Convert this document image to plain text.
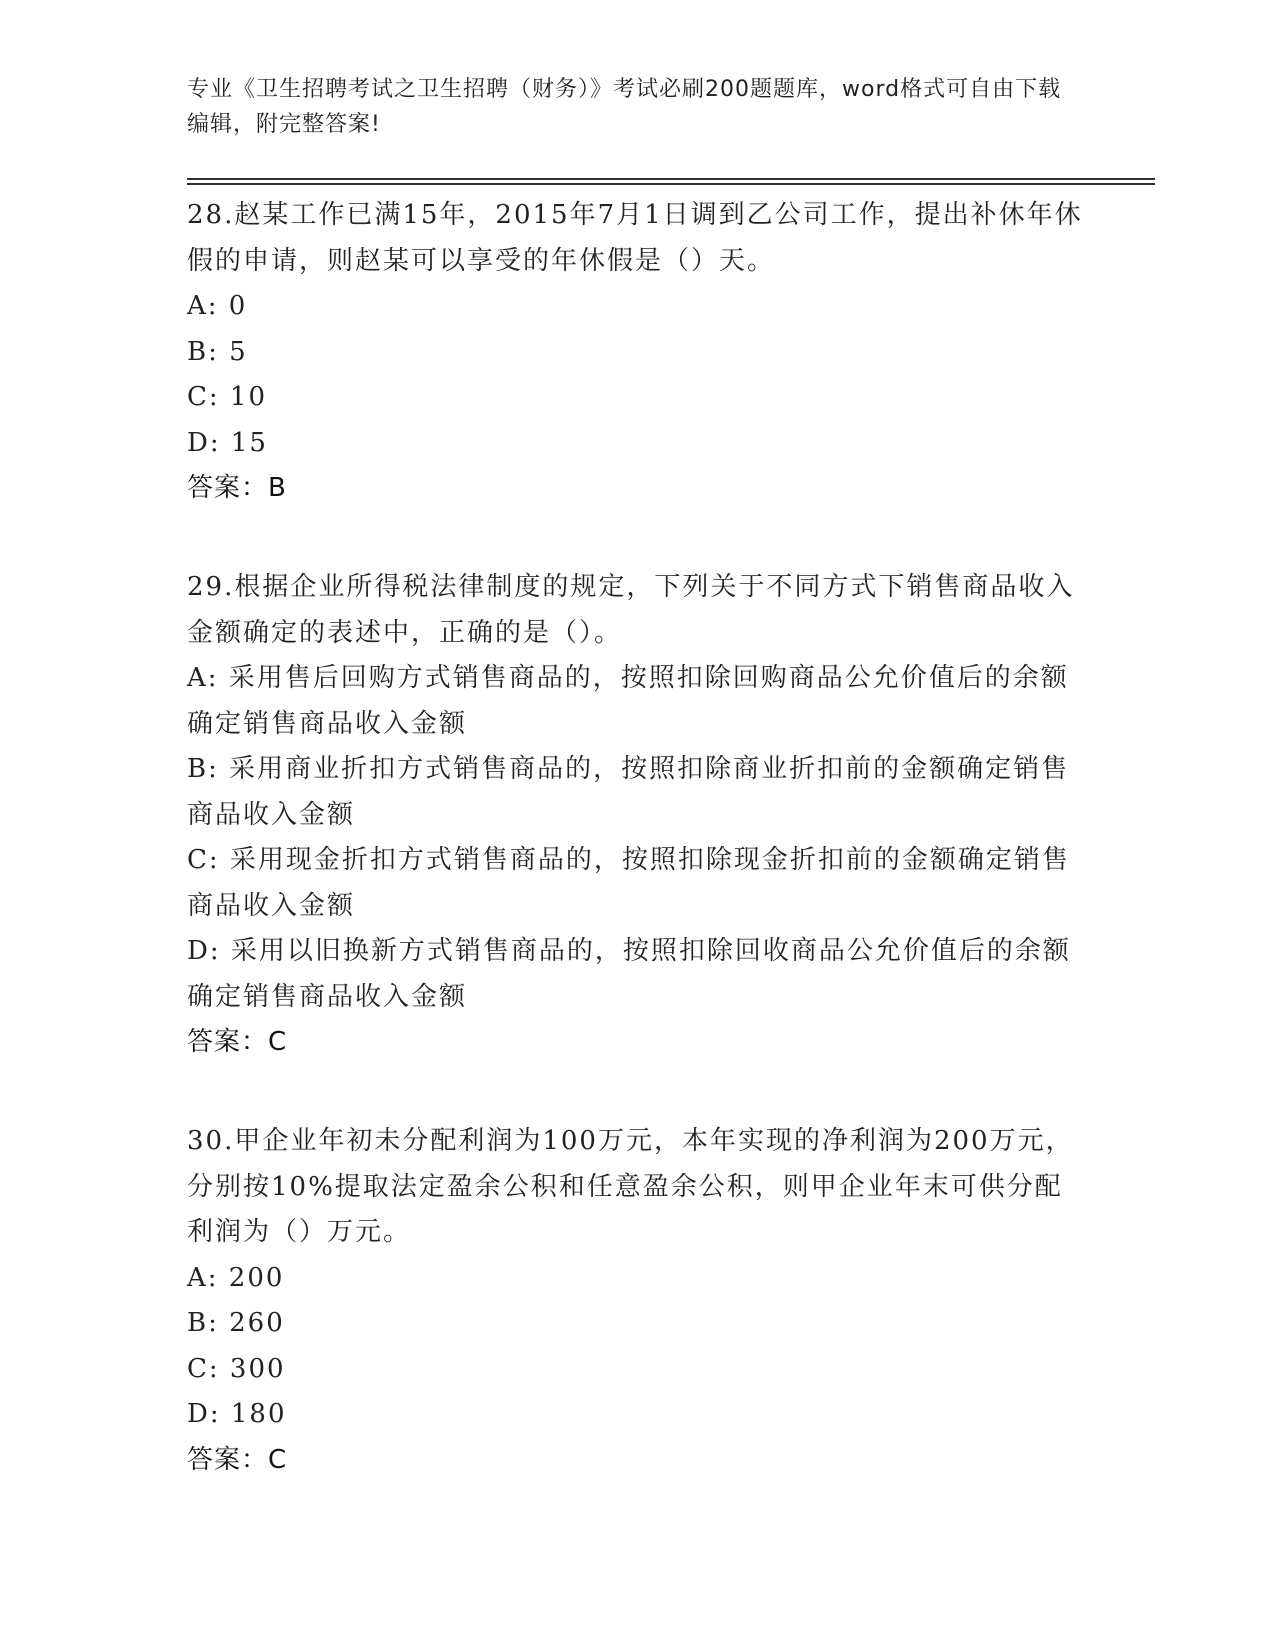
专业《卫生招聘考试之卫生招聘（财务）》考试必刷200题题库，word格式可自由下载编辑，附完整答案!
28.赵某工作已满15年，2015年7月1日调到乙公司工作，提出补休年休假的申请，则赵某可以享受的年休假是（）天。
A: 0
B: 5
C: 10
D: 15
答案：B
29.根据企业所得税法律制度的规定，下列关于不同方式下销售商品收入金额确定的表述中，正确的是（）。
A: 采用售后回购方式销售商品的，按照扣除回购商品公允价值后的余额确定销售商品收入金额
B: 采用商业折扣方式销售商品的，按照扣除商业折扣前的金额确定销售商品收入金额
C: 采用现金折扣方式销售商品的，按照扣除现金折扣前的金额确定销售商品收入金额
D: 采用以旧换新方式销售商品的，按照扣除回收商品公允价值后的余额确定销售商品收入金额
答案：C
30.甲企业年初未分配利润为100万元，本年实现的净利润为200万元，分别按10%提取法定盈余公积和任意盈余公积，则甲企业年末可供分配利润为（）万元。
A: 200
B: 260
C: 300
D: 180
答案：C
